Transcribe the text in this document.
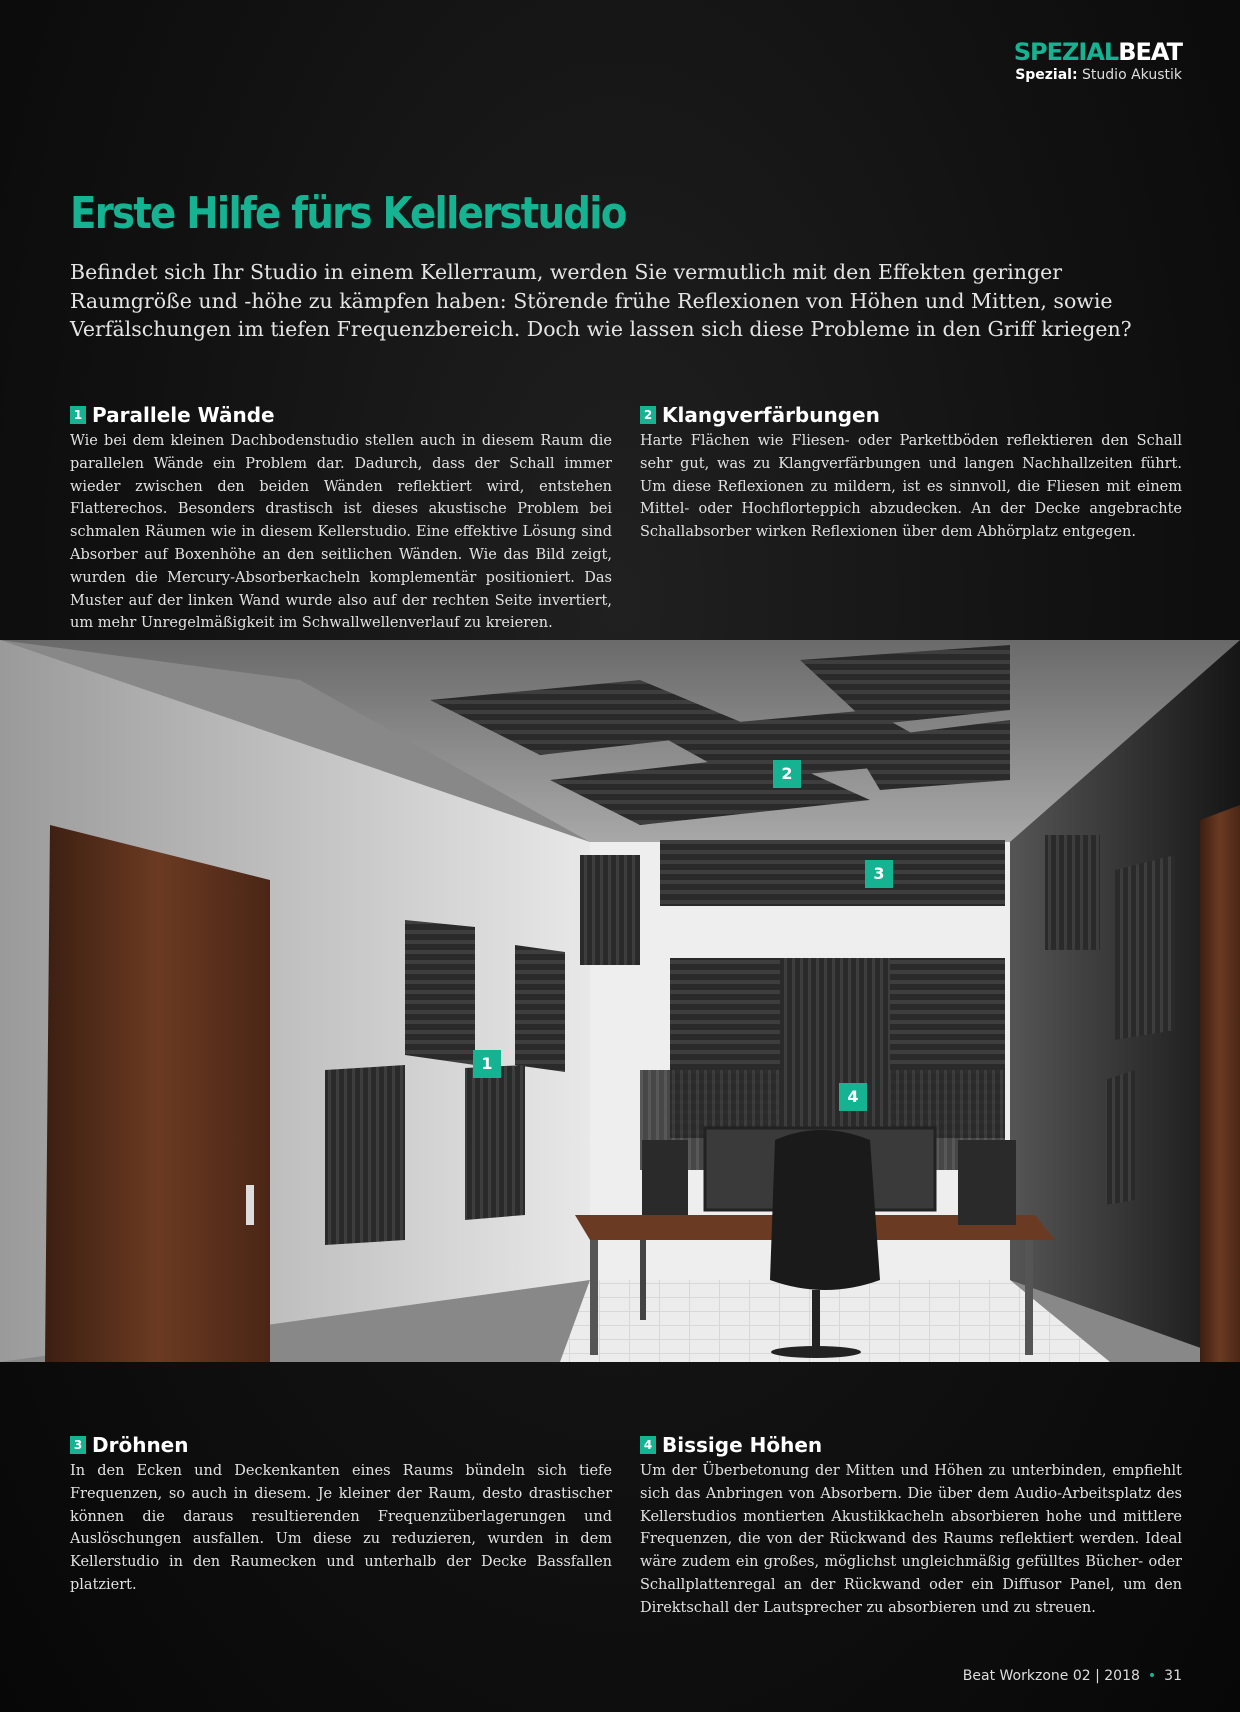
SPEZIALBEAT
Spezial: Studio Akustik
Erste Hilfe fürs Kellerstudio

Befindet sich Ihr Studio in einem Kellerraum, werden Sie vermutlich mit den Effekten geringer Raumgröße und -höhe zu kämpfen haben: Störende frühe Reflexionen von Höhen und Mitten, sowie Verfälschungen im tiefen Frequenzbereich. Doch wie lassen sich diese Probleme in den Griff kriegen?

1 Parallele Wände

Wie bei dem kleinen Dachbodenstudio stellen auch in diesem Raum die parallelen Wände ein Problem dar. Dadurch, dass der Schall immer wieder zwischen den beiden Wänden reflektiert wird, entstehen Flatterechos. Besonders drastisch ist dieses akustische Problem bei schmalen Räumen wie in diesem Kellerstudio. Eine effektive Lösung sind Absorber auf Boxenhöhe an den seitlichen Wänden. Wie das Bild zeigt, wurden die Mercury-Absorberkacheln komplementär positioniert. Das Muster auf der linken Wand wurde also auf der rechten Seite invertiert, um mehr Unregelmäßigkeit im Schwallwellenverlauf zu kreieren.

2 Klangverfärbungen

Harte Flächen wie Fliesen- oder Parkettböden reflektieren den Schall sehr gut, was zu Klangverfärbungen und langen Nachhallzeiten führt. Um diese Reflexionen zu mildern, ist es sinnvoll, die Fliesen mit einem Mittel- oder Hochflorteppich abzudecken. An der Decke angebrachte Schallabsorber wirken Reflexionen über dem Abhörplatz entgegen.

2
3
1
4
3 Dröhnen

In den Ecken und Deckenkanten eines Raums bündeln sich tiefe Frequenzen, so auch in diesem. Je kleiner der Raum, desto drastischer können die daraus resultierenden Frequenzüberlagerungen und Auslöschungen ausfallen. Um diese zu reduzieren, wurden in dem Kellerstudio in den Raumecken und unterhalb der Decke Bassfallen platziert.

4 Bissige Höhen

Um der Überbetonung der Mitten und Höhen zu unterbinden, empfiehlt sich das Anbringen von Absorbern. Die über dem Audio-Arbeitsplatz des Kellerstudios montierten Akustikkacheln absorbieren hohe und mittlere Frequenzen, die von der Rückwand des Raums reflektiert werden. Ideal wäre zudem ein großes, möglichst ungleichmäßig gefülltes Bücher- oder Schallplattenregal an der Rückwand oder ein Diffusor Panel, um den Direktschall der Lautsprecher zu absorbieren und zu streuen.

Beat Workzone 02 | 2018 • 31
